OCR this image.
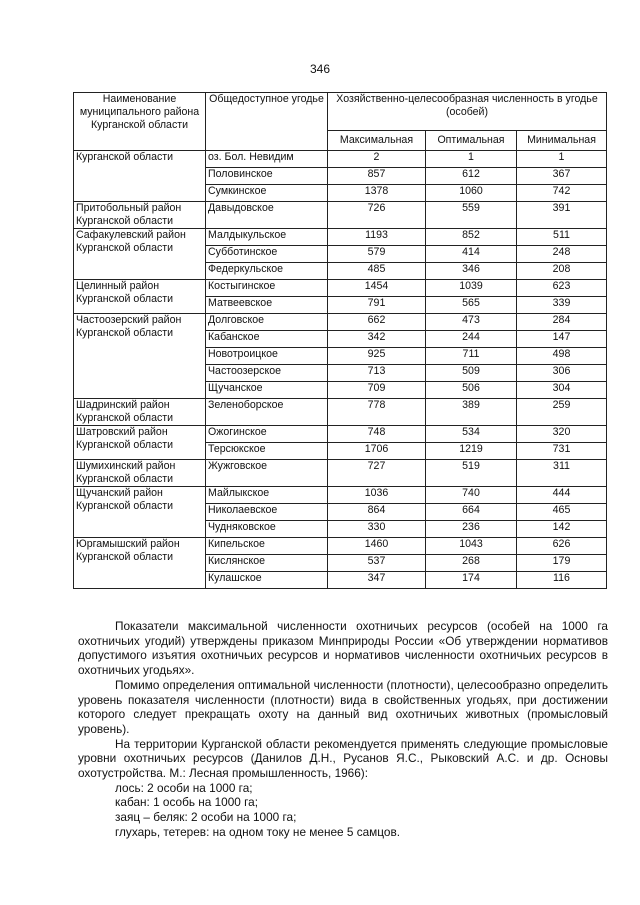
346
Наименование муниципального района Курганской области	Общедоступное угодье	Хозяйственно-целесообразная численность в угодье (особей)		
		Максимальная	Оптимальная	Минимальная
Курганской области	оз. Бол. Невидим	2	1	1
	Половинское	857	612	367
	Сумкинское	1378	1060	742
Притобольный район Курганской области	Давыдовское	726	559	391
Сафакулевский район Курганской области	Малдыкульское	1193	852	511
	Субботинское	579	414	248
	Федеркульское	485	346	208
Целинный район Курганской области	Костыгинское	1454	1039	623
	Матвеевское	791	565	339
Частоозерский район Курганской области	Долговское	662	473	284
	Кабанское	342	244	147
	Новотроицкое	925	711	498
	Частоозерское	713	509	306
	Щучанское	709	506	304
Шадринский район Курганской области	Зеленоборское	778	389	259
Шатровский район Курганской области	Ожогинское	748	534	320
	Терсюкское	1706	1219	731
Шумихинский район Курганской области	Жужговское	727	519	311
Щучанский район Курганской области	Майлыкское	1036	740	444
	Николаевское	864	664	465
	Чудняковское	330	236	142
Юргамышский район Курганской области	Кипельское	1460	1043	626
	Кислянское	537	268	179
	Кулашское	347	174	116

Показатели максимальной численности охотничьих ресурсов (особей на 1000 га охотничьих угодий) утверждены приказом Минприроды России «Об утверждении нормативов допустимого изъятия охотничьих ресурсов и нормативов численности охотничьих ресурсов в охотничьих угодьях».

Помимо определения оптимальной численности (плотности), целесообразно определить уровень показателя численности (плотности) вида в свойственных угодьях, при достижении которого следует прекращать охоту на данный вид охотничьих животных (промысловый уровень).

На территории Курганской области рекомендуется применять следующие промысловые уровни охотничьих ресурсов (Данилов Д.Н., Русанов Я.С., Рыковский А.С. и др. Основы охотустройства. М.: Лесная промышленность, 1966):

лось: 2 особи на 1000 га;

кабан: 1 особь на 1000 га;

заяц – беляк: 2 особи на 1000 га;

глухарь, тетерев: на одном току не менее 5 самцов.
